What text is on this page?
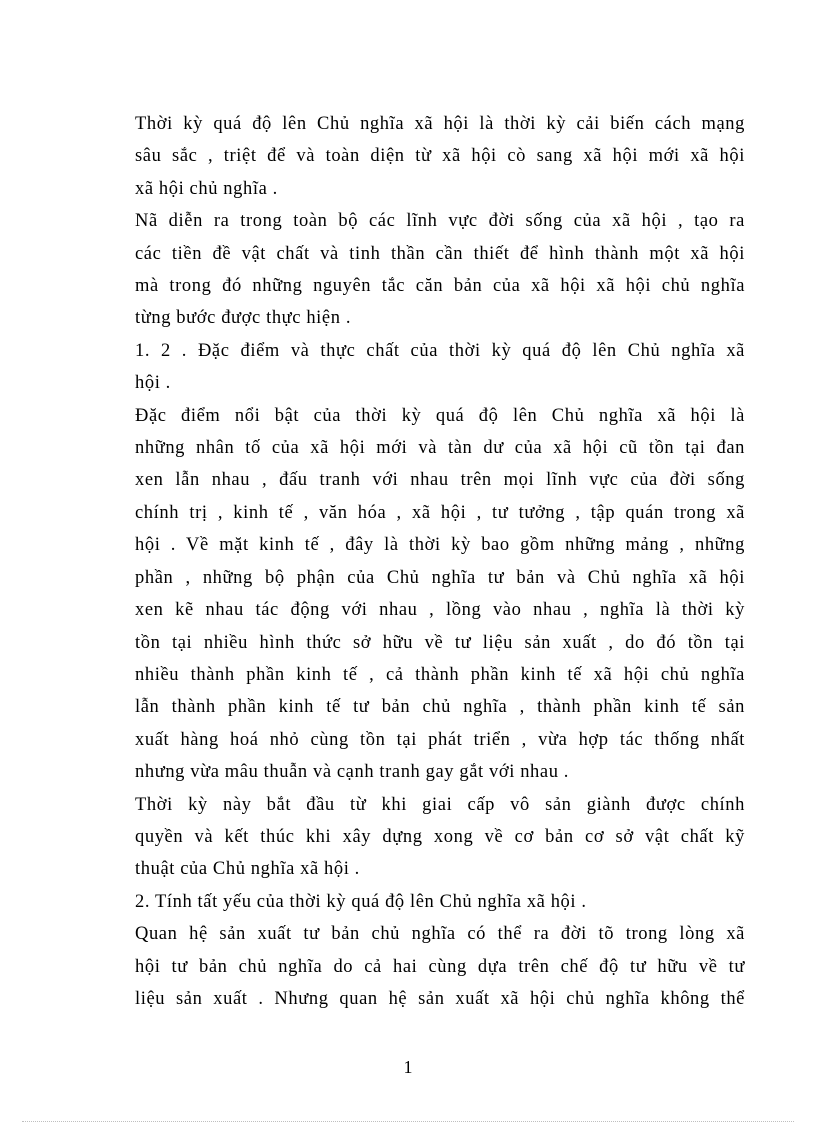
Thời kỳ quá độ lên Chủ nghĩa xã hội là thời kỳ cải biến cách mạng
sâu sắc , triệt để và toàn diện từ xã hội cò sang xã hội mới xã hội
xã hội chủ nghĩa .

Nã diễn ra trong toàn bộ các lĩnh vực đời sống của xã hội , tạo ra
các tiền đề vật chất và tinh thần cần thiết để hình thành một xã hội
mà trong đó những nguyên tắc căn bản của xã hội xã hội chủ nghĩa
từng bước được thực hiện .

1. 2 . Đặc điểm và thực chất của thời kỳ quá độ lên Chủ nghĩa xã
hội .

Đặc điểm nổi bật của thời kỳ quá độ lên Chủ nghĩa xã hội là
những nhân tố của xã hội mới và tàn dư của xã hội cũ tồn tại đan
xen lẫn nhau , đấu tranh với nhau trên mọi lĩnh vực của đời sống
chính trị , kinh tế , văn hóa , xã hội , tư tưởng , tập quán trong xã
hội . Về mặt kinh tế , đây là thời kỳ bao gồm những mảng , những
phần , những bộ phận của Chủ nghĩa tư bản và Chủ nghĩa xã hội
xen kẽ nhau tác động với nhau , lồng vào nhau , nghĩa là thời kỳ
tồn tại nhiều hình thức sở hữu về tư liệu sản xuất , do đó tồn tại
nhiều thành phần kinh tế , cả thành phần kinh tế xã hội chủ nghĩa
lẫn thành phần kinh tế tư bản chủ nghĩa , thành phần kinh tế sản
xuất hàng hoá nhỏ cùng tồn tại phát triển , vừa hợp tác thống nhất
nhưng vừa mâu thuẫn và cạnh tranh gay gắt với nhau .

Thời kỳ này bắt đầu từ khi giai cấp vô sản giành được chính
quyền và kết thúc khi xây dựng xong về cơ bản cơ sở vật chất kỹ
thuật của Chủ nghĩa xã hội .

2. Tính tất yếu của thời kỳ quá độ lên Chủ nghĩa xã hội .

Quan hệ sản xuất tư bản chủ nghĩa có thể ra đời tõ trong lòng xã
hội tư bản chủ nghĩa do cả hai cùng dựa trên chế độ tư hữu về tư
liệu sản xuất . Nhưng quan hệ sản xuất xã hội chủ nghĩa không thể

1
